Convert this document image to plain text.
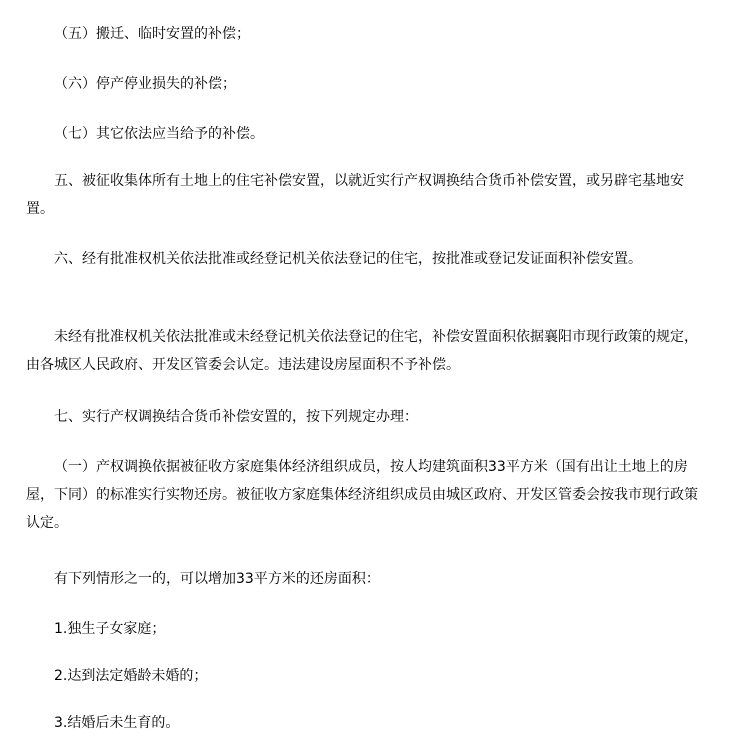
（五）搬迁、临时安置的补偿；

（六）停产停业损失的补偿；

（七）其它依法应当给予的补偿。

五、被征收集体所有土地上的住宅补偿安置，以就近实行产权调换结合货币补偿安置，或另辟宅基地安置。

六、经有批准权机关依法批准或经登记机关依法登记的住宅，按批准或登记发证面积补偿安置。

未经有批准权机关依法批准或未经登记机关依法登记的住宅，补偿安置面积依据襄阳市现行政策的规定，由各城区人民政府、开发区管委会认定。违法建设房屋面积不予补偿。

七、实行产权调换结合货币补偿安置的，按下列规定办理：

（一）产权调换依据被征收方家庭集体经济组织成员，按人均建筑面积33平方米（国有出让土地上的房屋，下同）的标准实行实物还房。被征收方家庭集体经济组织成员由城区政府、开发区管委会按我市现行政策认定。

有下列情形之一的，可以增加33平方米的还房面积：

1.独生子女家庭；

2.达到法定婚龄未婚的；

3.结婚后未生育的。
